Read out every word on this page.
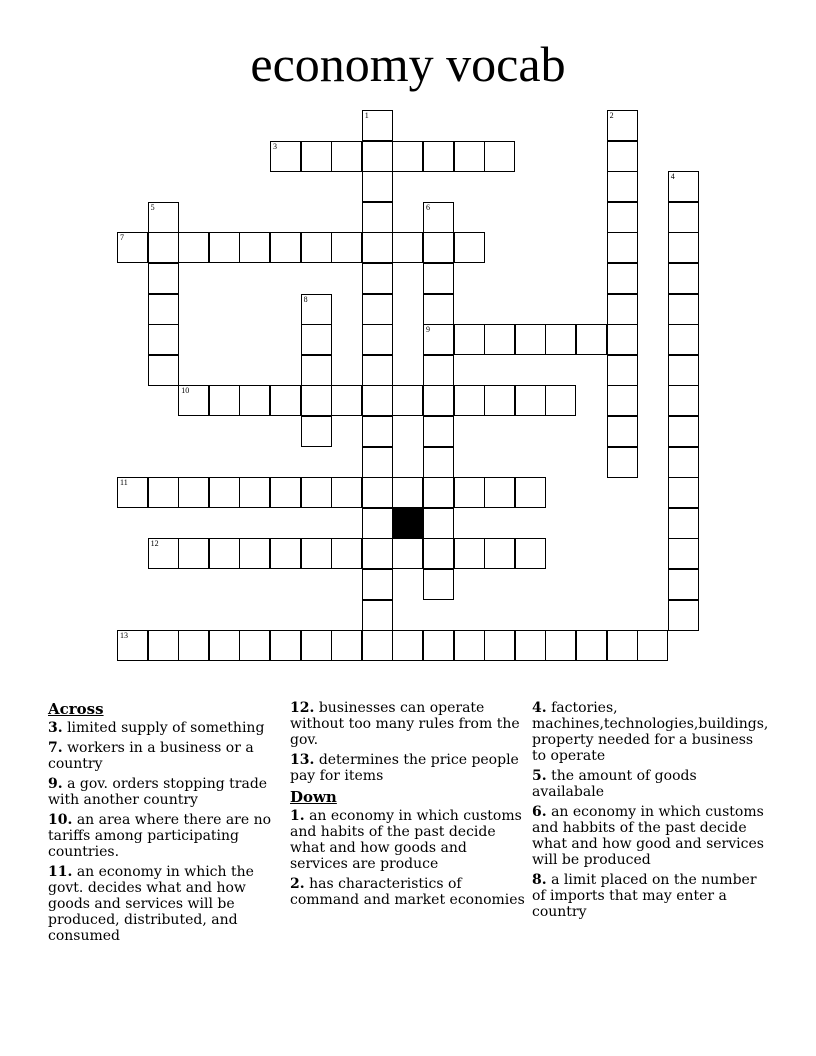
economy vocab
3
7
9
10
11
12
13
1	2
4
5	6
8
Across
3. limited supply of something
7. workers in a business or a country
9. a gov. orders stopping trade with another country
10. an area where there are no tariffs among participating countries.
11. an economy in which the govt. decides what and how goods and services will be produced, distributed, and consumed
12. businesses can operate without too many rules from the gov.
13. determines the price people pay for items
Down
1. an economy in which customs and habits of the past decide what and how goods and services are produce
2. has characteristics of command and market economies
4. factories, machines,technologies,buildings, property needed for a business to operate
5. the amount of goods availabale
6. an economy in which customs and habbits of the past decide what and how good and services will be produced
8. a limit placed on the number of imports that may enter a country
